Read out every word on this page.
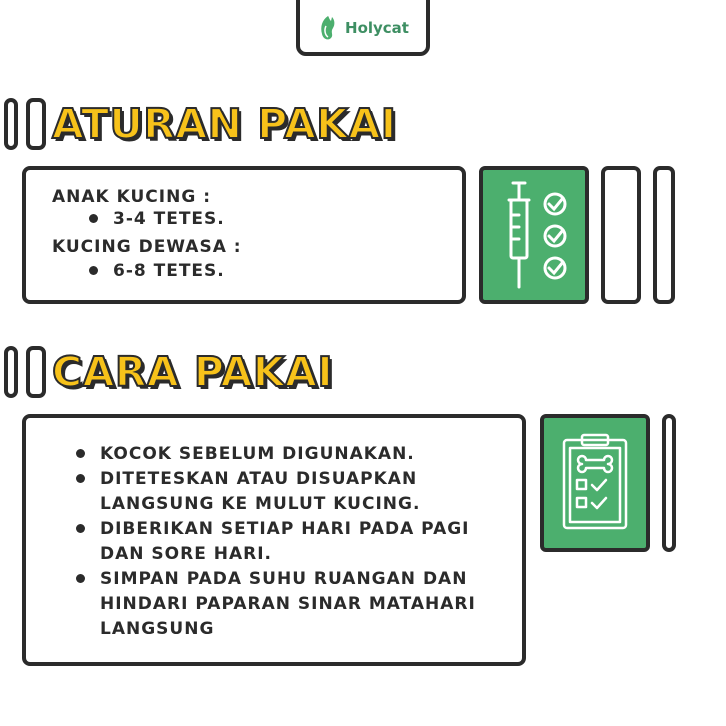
Holycat
ATURAN PAKAI
ANAK KUCING :
3-4 TETES.
KUCING DEWASA :
6-8 TETES.
CARA PAKAI
KOCOK SEBELUM DIGUNAKAN.
DITETESKAN ATAU DISUAPKAN
LANGSUNG KE MULUT KUCING.
DIBERIKAN SETIAP HARI PADA PAGI
DAN SORE HARI.
SIMPAN PADA SUHU RUANGAN DAN
HINDARI PAPARAN SINAR MATAHARI
LANGSUNG
